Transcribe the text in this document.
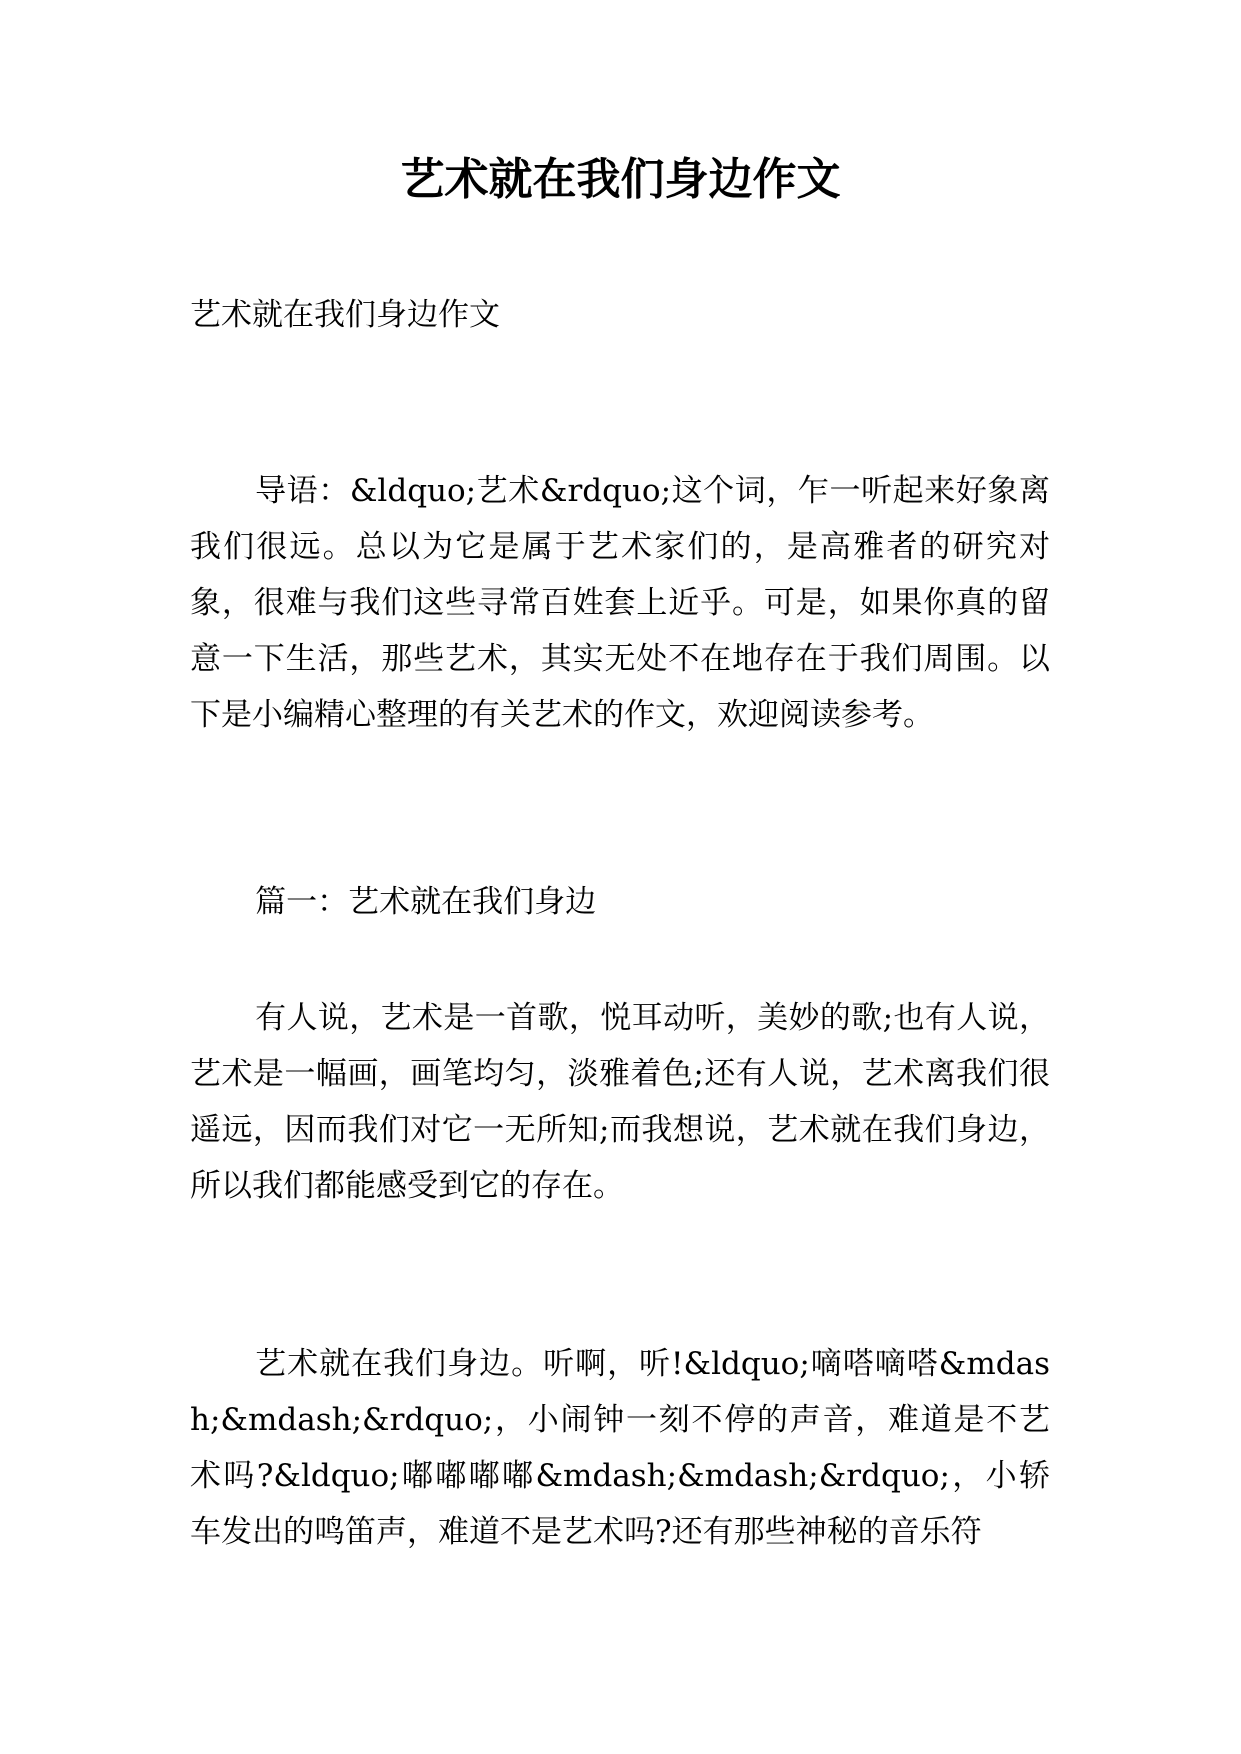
艺术就在我们身边作文

艺术就在我们身边作文

导语：&ldquo;艺术&rdquo;这个词，乍一听起来好象离我们很远。总以为它是属于艺术家们的，是高雅者的研究对象，很难与我们这些寻常百姓套上近乎。可是，如果你真的留意一下生活，那些艺术，其实无处不在地存在于我们周围。以下是小编精心整理的有关艺术的作文，欢迎阅读参考。

篇一：艺术就在我们身边

有人说，艺术是一首歌，悦耳动听，美妙的歌;也有人说，艺术是一幅画，画笔均匀，淡雅着色;还有人说，艺术离我们很遥远，因而我们对它一无所知;而我想说，艺术就在我们身边，所以我们都能感受到它的存在。

艺术就在我们身边。听啊，听!&ldquo;嘀嗒嘀嗒&mdash;&mdash;&rdquo;，小闹钟一刻不停的声音，难道是不艺术吗?&ldquo;嘟嘟嘟嘟&mdash;&mdash;&rdquo;，小轿车发出的鸣笛声，难道不是艺术吗?还有那些神秘的音乐符
